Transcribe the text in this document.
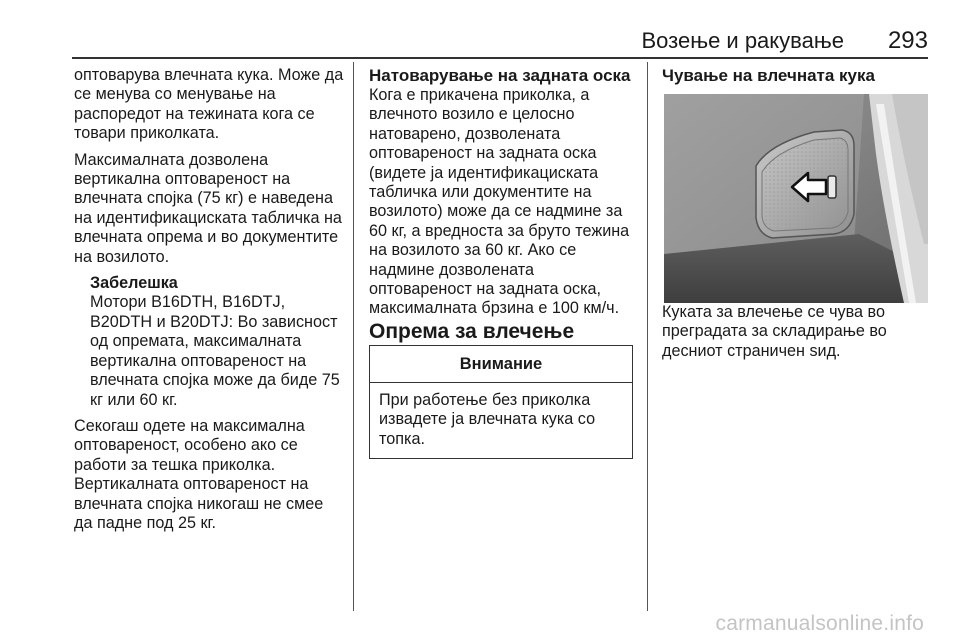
Возење и ракување 293

оптоварува влечната кука. Може да се менува со менување на распоредот на тежината кога се товари приколката.

Максималната дозволена вертикална оптовареност на влечната спојка (75 кг) е наведена на идентификациската табличка на влечната опрема и во документите на возилото.

Забелешка

Мотори B16DTH, B16DTJ, B20DTH и B20DTJ: Во зависност од опремата, максималната вертикална оптовареност на влечната спојка може да биде 75 кг или 60 кг.

Секогаш одете на максимална оптовареност, особено ако се работи за тешка приколка. Вертикалната оптовареност на влечната спојка никогаш не смее да падне под 25 кг.

Натоварување на задната оска

Кога е прикачена приколка, а влечното возило е целосно натоварено, дозволената оптовареност на задната оска (видете ја идентификациската табличка или документите на возилото) може да се надмине за 60 кг, а вредноста за бруто тежина на возилото за 60 кг. Ако се надмине дозволената оптовареност на задната оска, максималната брзина е 100 км/ч.

Опрема за влечење

Внимание
При работење без приколка извадете ја влечната кука со топка.

Чување на влечната кука

Куката за влечење се чува во преградата за складирање во десниот страничен sид.

carmanualsonline.info
